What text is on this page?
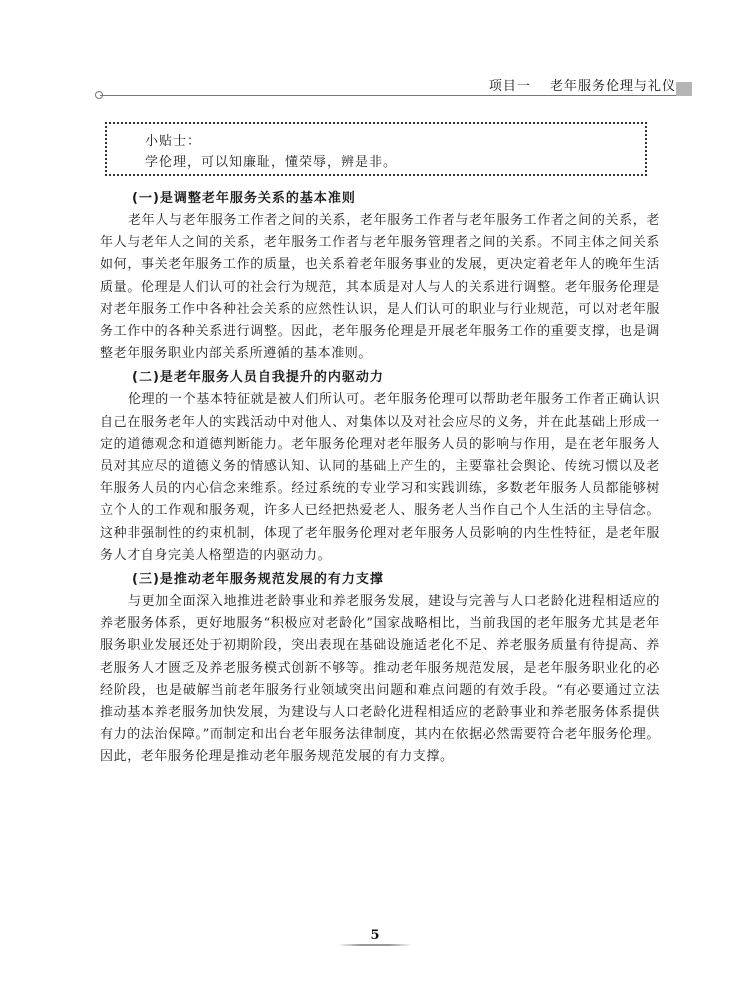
项目一 老年服务伦理与礼仪
小贴士：
学伦理，可以知廉耻，懂荣辱，辨是非。
(一)是调整老年服务关系的基本准则

老年人与老年服务工作者之间的关系，老年服务工作者与老年服务工作者之间的关系，老年人与老年人之间的关系，老年服务工作者与老年服务管理者之间的关系。不同主体之间关系如何，事关老年服务工作的质量，也关系着老年服务事业的发展，更决定着老年人的晚年生活质量。伦理是人们认可的社会行为规范，其本质是对人与人的关系进行调整。老年服务伦理是对老年服务工作中各种社会关系的应然性认识，是人们认可的职业与行业规范，可以对老年服务工作中的各种关系进行调整。因此，老年服务伦理是开展老年服务工作的重要支撑，也是调整老年服务职业内部关系所遵循的基本准则。

(二)是老年服务人员自我提升的内驱动力

伦理的一个基本特征就是被人们所认可。老年服务伦理可以帮助老年服务工作者正确认识自己在服务老年人的实践活动中对他人、对集体以及对社会应尽的义务，并在此基础上形成一定的道德观念和道德判断能力。老年服务伦理对老年服务人员的影响与作用，是在老年服务人员对其应尽的道德义务的情感认知、认同的基础上产生的，主要靠社会舆论、传统习惯以及老年服务人员的内心信念来维系。经过系统的专业学习和实践训练，多数老年服务人员都能够树立个人的工作观和服务观，许多人已经把热爱老人、服务老人当作自己个人生活的主导信念。这种非强制性的约束机制，体现了老年服务伦理对老年服务人员影响的内生性特征，是老年服务人才自身完美人格塑造的内驱动力。

(三)是推动老年服务规范发展的有力支撑

与更加全面深入地推进老龄事业和养老服务发展，建设与完善与人口老龄化进程相适应的养老服务体系，更好地服务“积极应对老龄化”国家战略相比，当前我国的老年服务尤其是老年服务职业发展还处于初期阶段，突出表现在基础设施适老化不足、养老服务质量有待提高、养老服务人才匮乏及养老服务模式创新不够等。推动老年服务规范发展，是老年服务职业化的必经阶段，也是破解当前老年服务行业领域突出问题和难点问题的有效手段。“有必要通过立法推动基本养老服务加快发展，为建设与人口老龄化进程相适应的老龄事业和养老服务体系提供有力的法治保障。”而制定和出台老年服务法律制度，其内在依据必然需要符合老年服务伦理。因此，老年服务伦理是推动老年服务规范发展的有力支撑。

5
